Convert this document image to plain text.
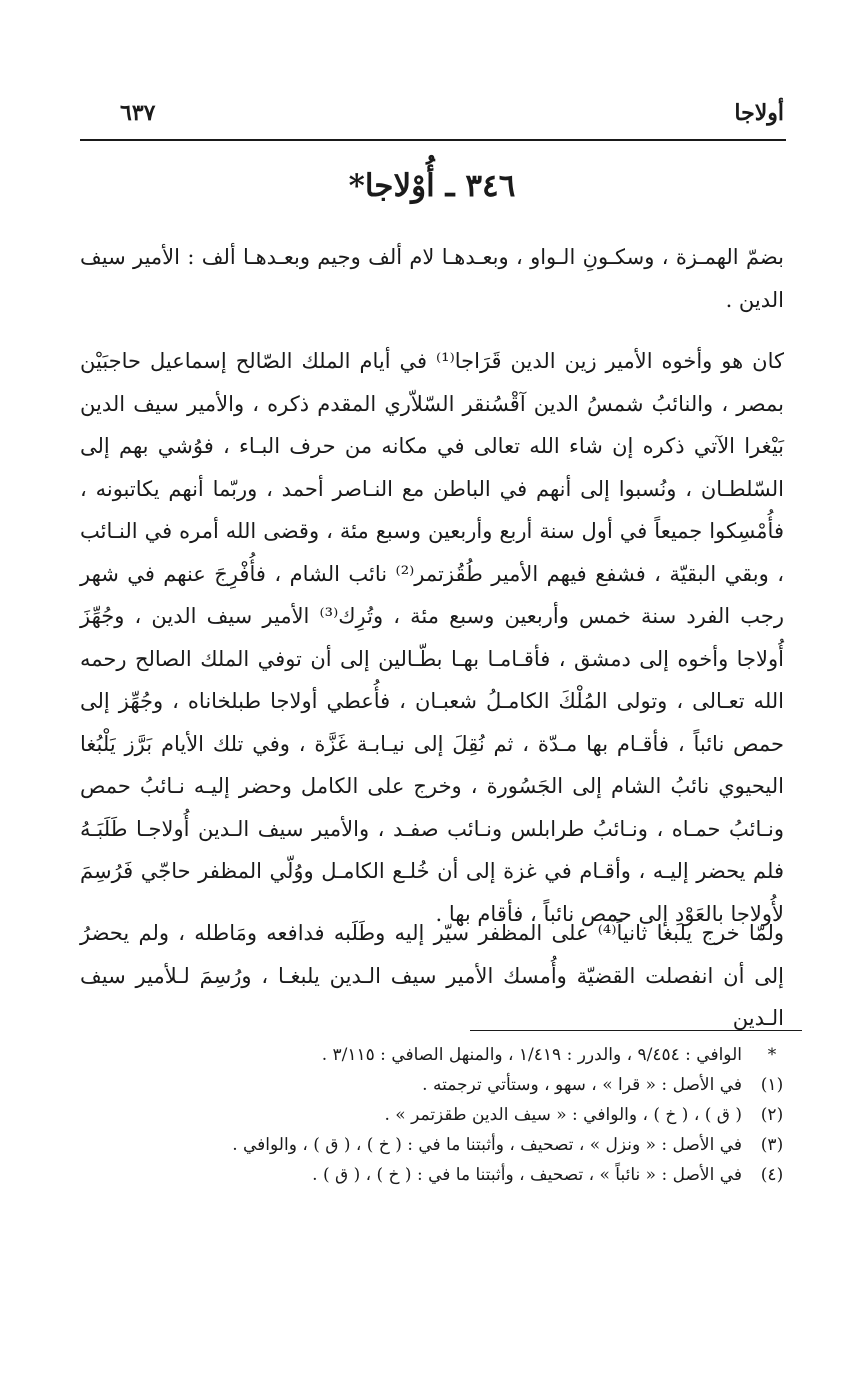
أولاجا
٦٣٧
٣٤٦ ـ أُوْلاجا*
بضمّ الهمـزة ، وسكـونِ الـواو ، وبعـدهـا لام ألف وجيم وبعـدهـا ألف : الأمير سيف الدين .
كان هو وأخوه الأمير زين الدين قَرَاجا⁽¹⁾ في أيام الملك الصّالح إسماعيل حاجبَيْن بمصر ، والنائبُ شمسُ الدين آقْسُنقر السّلاّري المقدم ذكره ، والأمير سيف الدين بَيْغرا الآتي ذكره إن شاء الله تعالى في مكانه من حرف البـاء ، فوُشي بهم إلى السّلطـان ، ونُسبوا إلى أنهم في الباطن مع النـاصر أحمد ، وربّما أنهم يكاتبونه ، فأُمْسِكوا جميعاً في أول سنة أربع وأربعين وسبع مئة ، وقضى الله أمره في النـائب ، وبقي البقيّة ، فشفع فيهم الأمير طُقُزتمر⁽²⁾ نائب الشام ، فأُفْرِجَ عنهم في شهر رجب الفرد سنة خمس وأربعين وسبع مئة ، وتُرِك⁽³⁾ الأمير سيف الدين ، وجُهِّزَ أُولاجا وأخوه إلى دمشق ، فأقـامـا بهـا بطّـالين إلى أن توفي الملك الصالح رحمه الله تعـالى ، وتولى المُلْكَ الكامـلُ شعبـان ، فأُعطي أولاجا طبلخاناه ، وجُهِّز إلى حمص نائباً ، فأقـام بها مـدّة ، ثم نُقِلَ إلى نيـابـة غَزَّة ، وفي تلك الأيام بَرَّز يَلْبُغا اليحيوي نائبُ الشام إلى الجَسُورة ، وخرج على الكامل وحضر إليـه نـائبُ حمص ونـائبُ حمـاه ، ونـائبُ طرابلس ونـائب صفـد ، والأمير سيف الـدين أُولاجـا طَلَبَـهُ فلم يحضر إليـه ، وأقـام في غزة إلى أن خُلـع الكامـل ووُلّي المظفر حاجّي فَرُسِمَ لأُولاجا بالعَوْدِ إلى حمص نائباً ، فأقام بها .
ولمّا خرج يلبغا ثانياً⁽⁴⁾ على المظفر سيّر إليه وطَلَبه فدافعه ومَاطله ، ولم يحضرُ إلى أن انفصلت القضيّة وأُمسك الأمير سيف الـدين يلبغـا ، ورُسِمَ لـلأمير سيف الـدين
*
الوافي : ٩/٤٥٤ ، والدرر : ١/٤١٩ ، والمنهل الصافي : ٣/١١٥ .
(١)
في الأصل : « قرا » ، سهو ، وستأتي ترجمته .
(٢)
( ق ) ، ( خ ) ، والوافي : « سيف الدين طقزتمر » .
(٣)
في الأصل : « ونزل » ، تصحيف ، وأثبتنا ما في : ( خ ) ، ( ق ) ، والوافي .
(٤)
في الأصل : « نائباً » ، تصحيف ، وأثبتنا ما في : ( خ ) ، ( ق ) .
